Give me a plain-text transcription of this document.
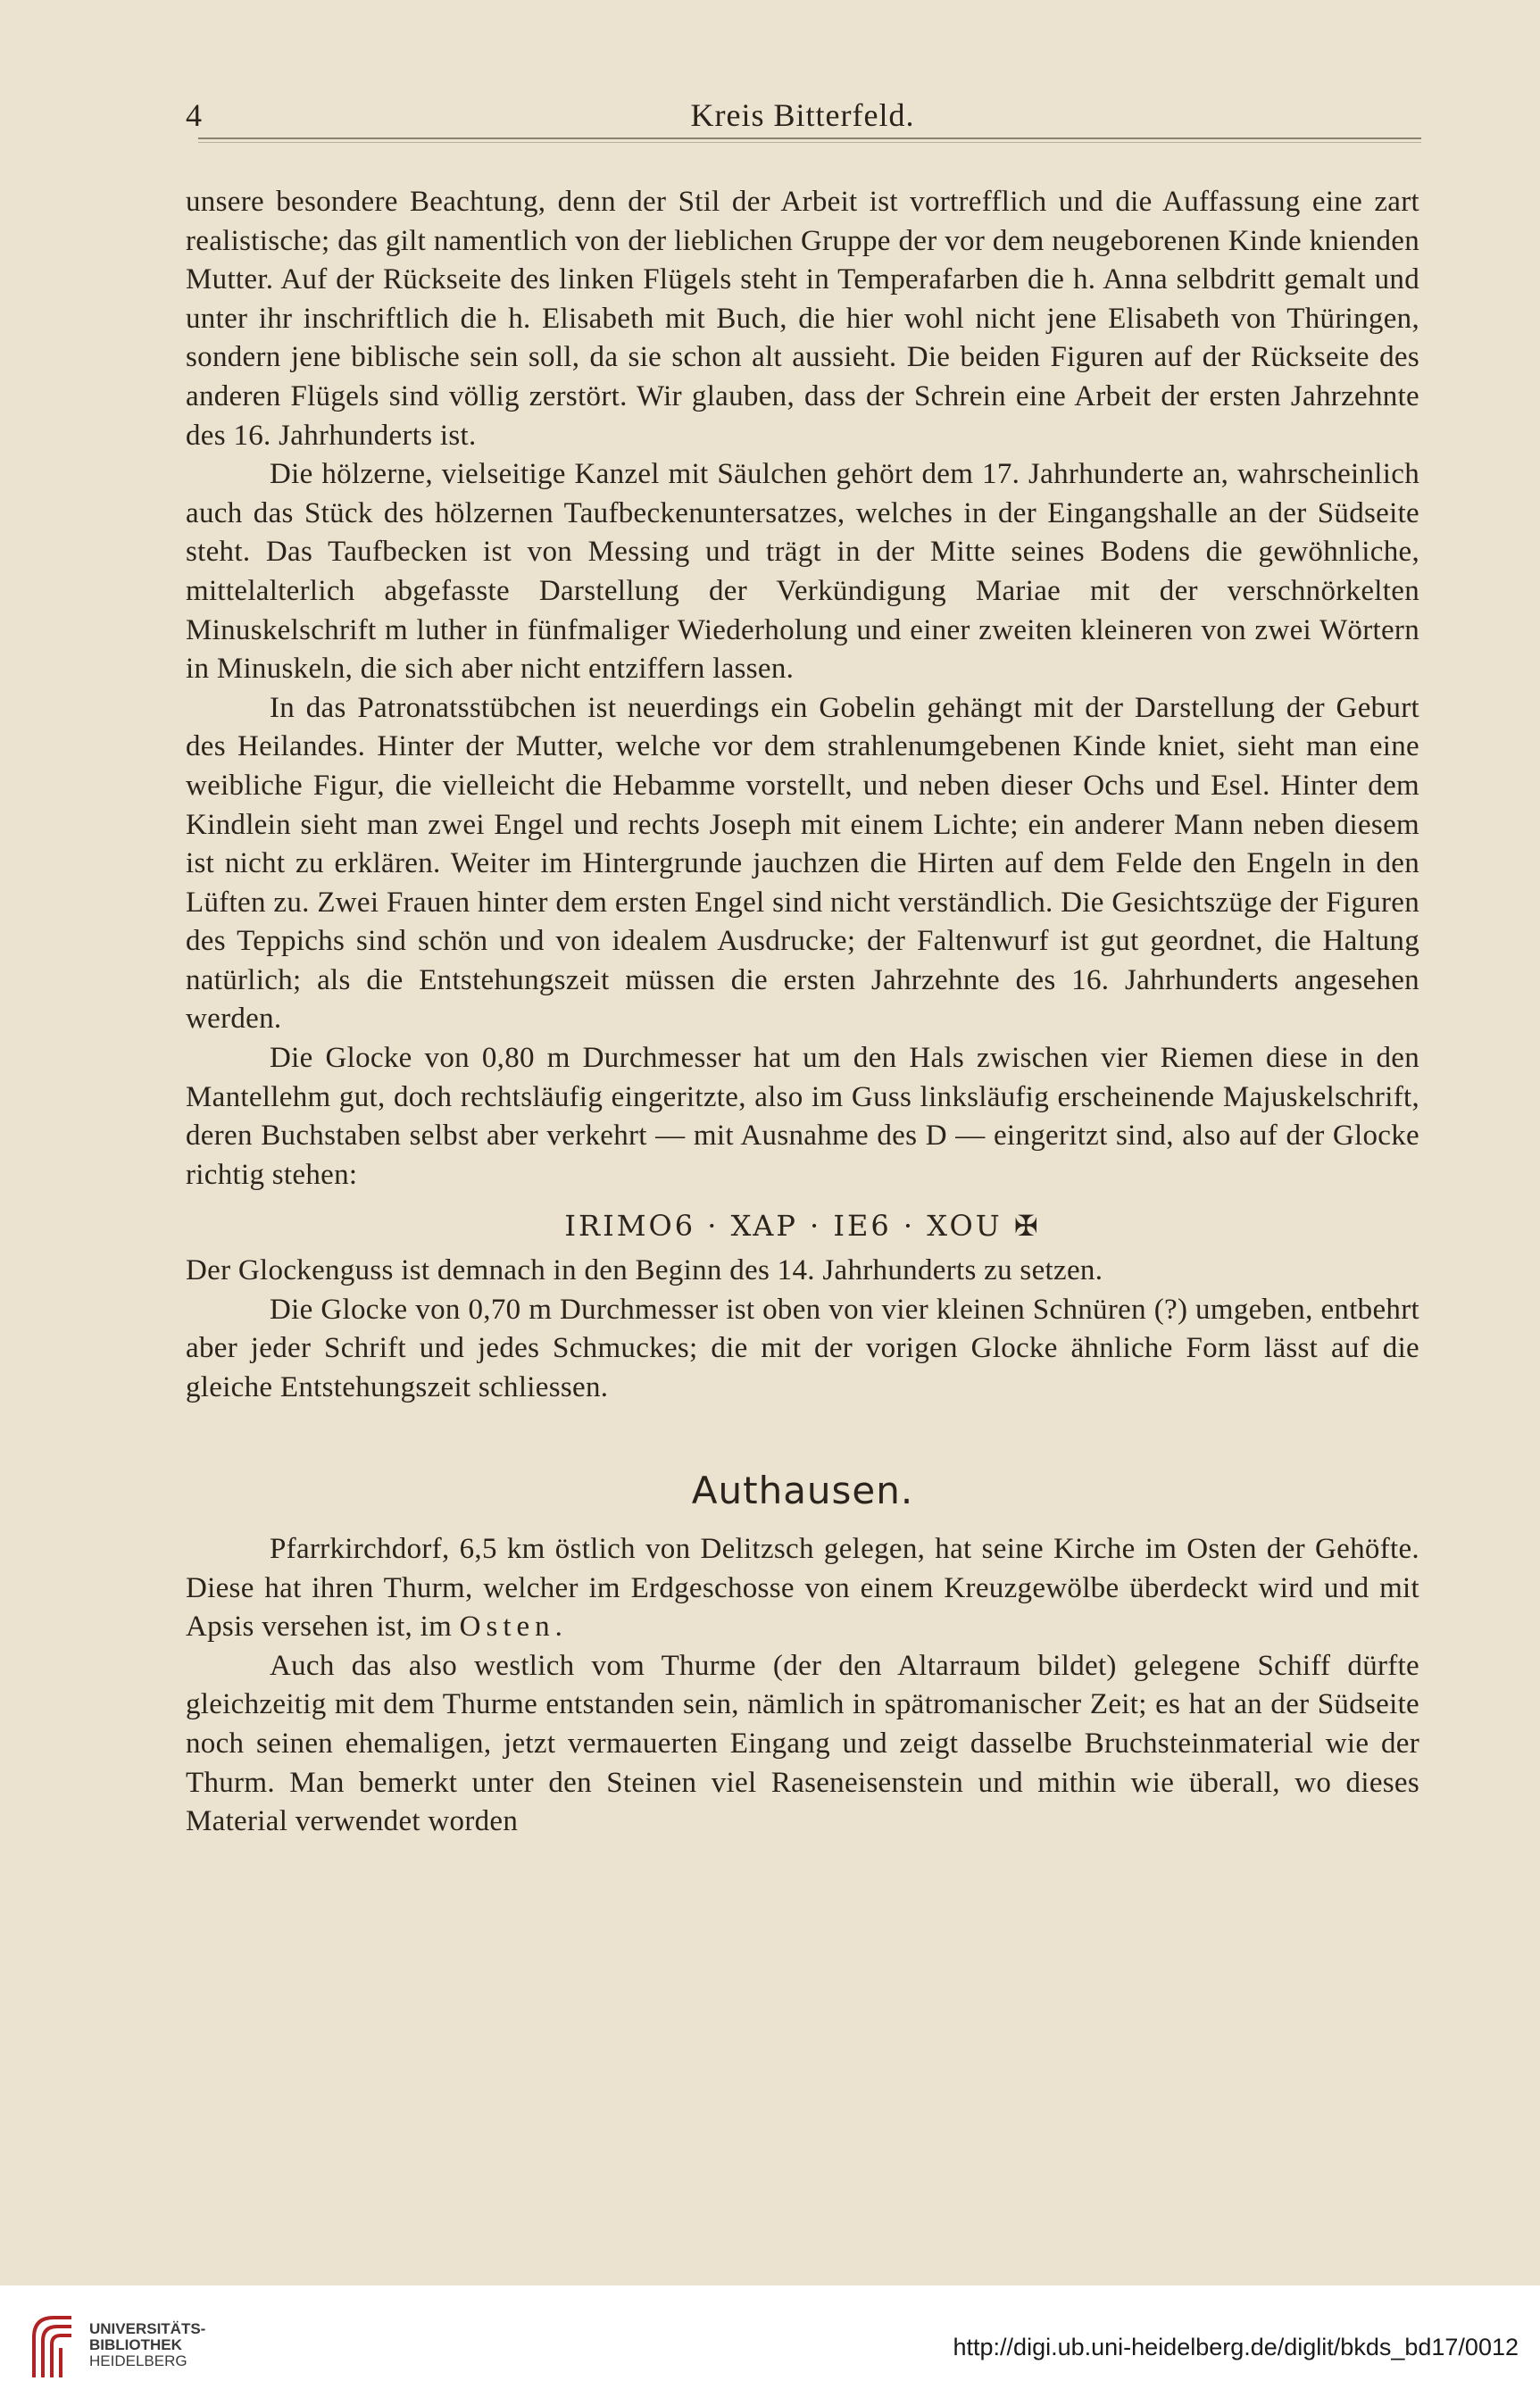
4	Kreis Bitterfeld.

unsere besondere Beachtung, denn der Stil der Arbeit ist vortrefflich und die Auffassung eine zart realistische; das gilt namentlich von der lieblichen Gruppe der vor dem neugeborenen Kinde knienden Mutter. Auf der Rückseite des linken Flügels steht in Temperafarben die h. Anna selbdritt gemalt und unter ihr inschriftlich die h. Elisabeth mit Buch, die hier wohl nicht jene Elisabeth von Thüringen, sondern jene biblische sein soll, da sie schon alt aussieht. Die beiden Figuren auf der Rückseite des anderen Flügels sind völlig zerstört. Wir glauben, dass der Schrein eine Arbeit der ersten Jahrzehnte des 16. Jahrhunderts ist.

Die hölzerne, vielseitige Kanzel mit Säulchen gehört dem 17. Jahrhunderte an, wahrscheinlich auch das Stück des hölzernen Taufbeckenuntersatzes, welches in der Eingangshalle an der Südseite steht. Das Taufbecken ist von Messing und trägt in der Mitte seines Bodens die gewöhnliche, mittelalterlich abgefasste Darstellung der Verkündigung Mariae mit der verschnörkelten Minuskelschrift m luther in fünfmaliger Wiederholung und einer zweiten kleineren von zwei Wörtern in Minuskeln, die sich aber nicht entziffern lassen.

In das Patronatsstübchen ist neuerdings ein Gobelin gehängt mit der Darstellung der Geburt des Heilandes. Hinter der Mutter, welche vor dem strahlenumgebenen Kinde kniet, sieht man eine weibliche Figur, die vielleicht die Hebamme vorstellt, und neben dieser Ochs und Esel. Hinter dem Kindlein sieht man zwei Engel und rechts Joseph mit einem Lichte; ein anderer Mann neben diesem ist nicht zu erklären. Weiter im Hintergrunde jauchzen die Hirten auf dem Felde den Engeln in den Lüften zu. Zwei Frauen hinter dem ersten Engel sind nicht verständlich. Die Gesichtszüge der Figuren des Teppichs sind schön und von idealem Ausdrucke; der Faltenwurf ist gut geordnet, die Haltung natürlich; als die Entstehungszeit müssen die ersten Jahrzehnte des 16. Jahrhunderts angesehen werden.

Die Glocke von 0,80 m Durchmesser hat um den Hals zwischen vier Riemen diese in den Mantellehm gut, doch rechtsläufig eingeritzte, also im Guss linksläufig erscheinende Majuskelschrift, deren Buchstaben selbst aber verkehrt — mit Ausnahme des D — eingeritzt sind, also auf der Glocke richtig stehen:

IRIMO6 · XAP · IE6 · XOU ✠

Der Glockenguss ist demnach in den Beginn des 14. Jahrhunderts zu setzen.

Die Glocke von 0,70 m Durchmesser ist oben von vier kleinen Schnüren (?) umgeben, entbehrt aber jeder Schrift und jedes Schmuckes; die mit der vorigen Glocke ähnliche Form lässt auf die gleiche Entstehungszeit schliessen.

Authausen.

Pfarrkirchdorf, 6,5 km östlich von Delitzsch gelegen, hat seine Kirche im Osten der Gehöfte. Diese hat ihren Thurm, welcher im Erdgeschosse von einem Kreuzgewölbe überdeckt wird und mit Apsis versehen ist, im Osten.

Auch das also westlich vom Thurme (der den Altarraum bildet) gelegene Schiff dürfte gleichzeitig mit dem Thurme entstanden sein, nämlich in spätromanischer Zeit; es hat an der Südseite noch seinen ehemaligen, jetzt vermauerten Eingang und zeigt dasselbe Bruchsteinmaterial wie der Thurm. Man bemerkt unter den Steinen viel Raseneisenstein und mithin wie überall, wo dieses Material verwendet worden

UNIVERSITÄTS-
BIBLIOTHEK
HEIDELBERG
http://digi.ub.uni-heidelberg.de/diglit/bkds_bd17/0012
